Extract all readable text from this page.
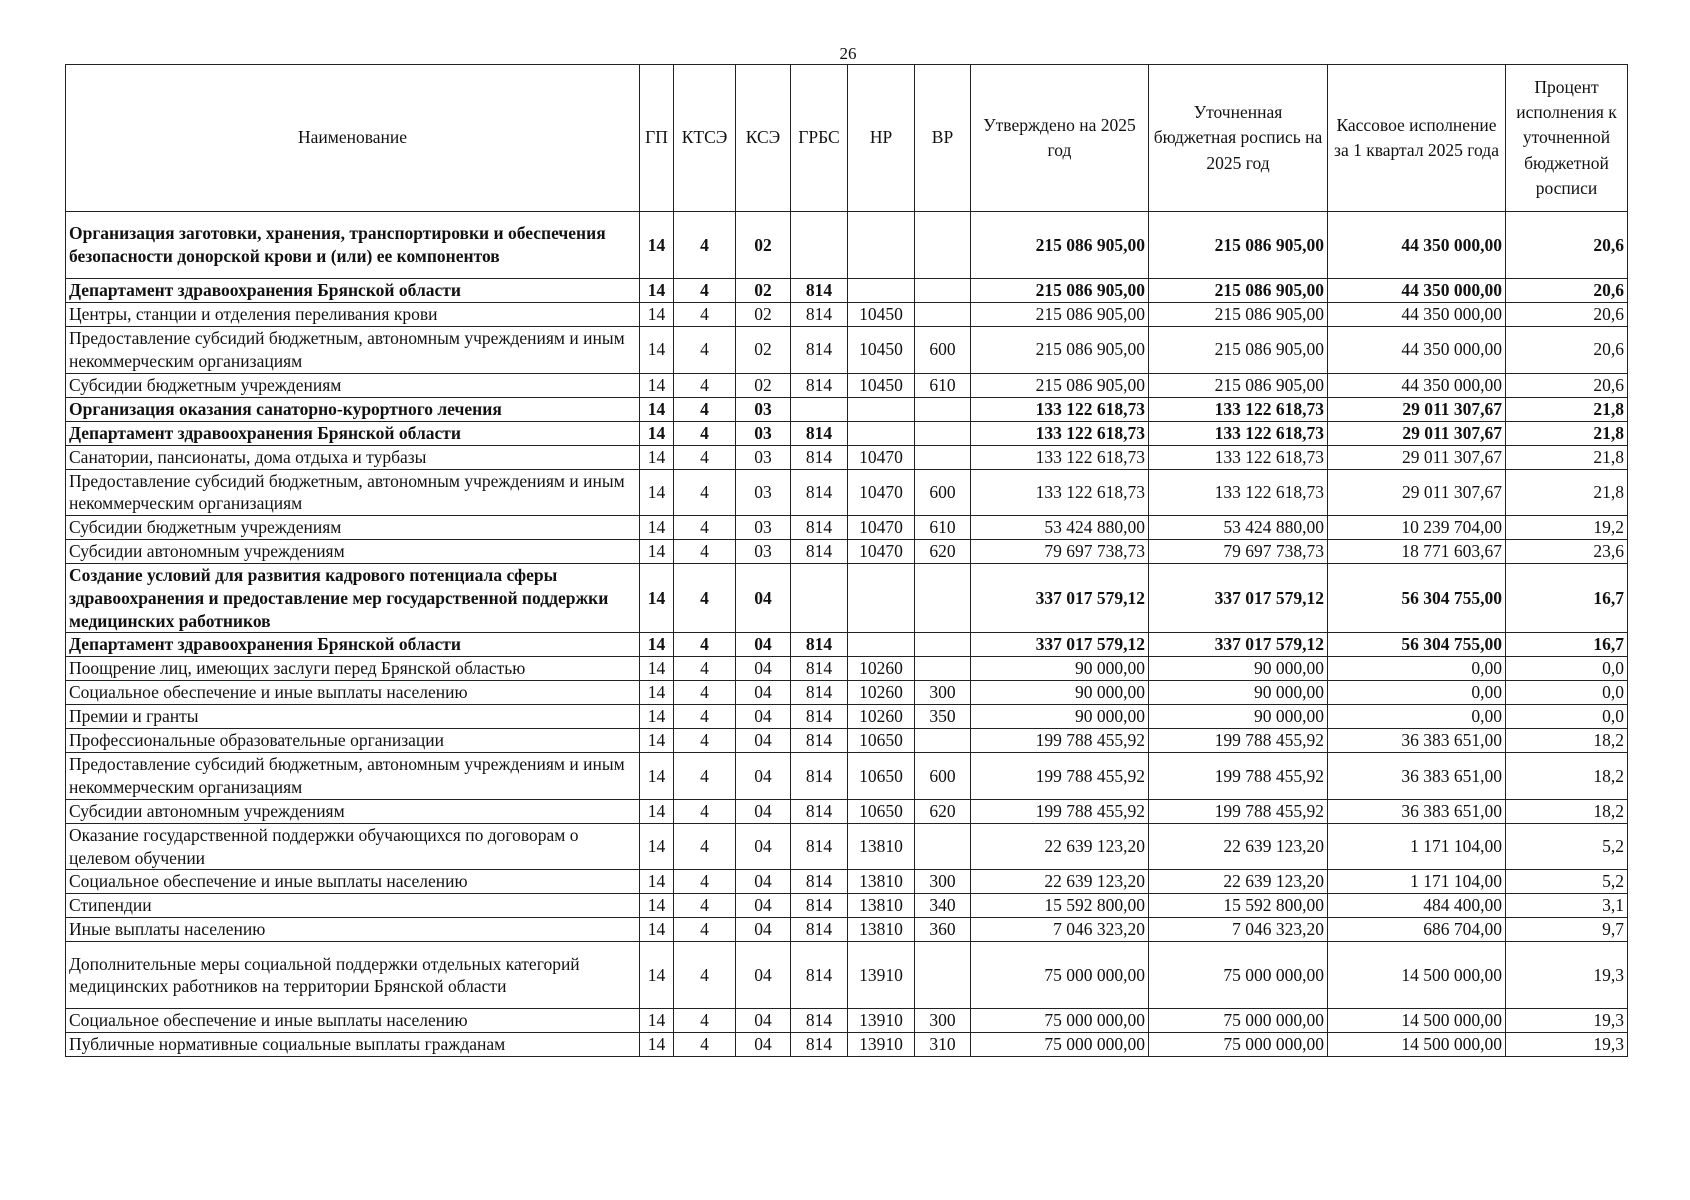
26
Наименование	ГП	КТСЭ	КСЭ	ГРБС	НР	ВР	Утверждено на 2025 год	Уточненная бюджетная роспись на 2025 год	Кассовое исполнение за 1 квартал 2025 года	Процент исполнения к уточненной бюджетной росписи
Организация заготовки, хранения, транспортировки и обеспечения безопасности донорской крови и (или) ее компонентов	14	4	02				215 086 905,00	215 086 905,00	44 350 000,00	20,6
Департамент здравоохранения Брянской области	14	4	02	814			215 086 905,00	215 086 905,00	44 350 000,00	20,6
Центры, станции и отделения переливания крови	14	4	02	814	10450		215 086 905,00	215 086 905,00	44 350 000,00	20,6
Предоставление субсидий бюджетным, автономным учреждениям и иным некоммерческим организациям	14	4	02	814	10450	600	215 086 905,00	215 086 905,00	44 350 000,00	20,6
Субсидии бюджетным учреждениям	14	4	02	814	10450	610	215 086 905,00	215 086 905,00	44 350 000,00	20,6
Организация оказания санаторно-курортного лечения	14	4	03				133 122 618,73	133 122 618,73	29 011 307,67	21,8
Департамент здравоохранения Брянской области	14	4	03	814			133 122 618,73	133 122 618,73	29 011 307,67	21,8
Санатории, пансионаты, дома отдыха и турбазы	14	4	03	814	10470		133 122 618,73	133 122 618,73	29 011 307,67	21,8
Предоставление субсидий бюджетным, автономным учреждениям и иным некоммерческим организациям	14	4	03	814	10470	600	133 122 618,73	133 122 618,73	29 011 307,67	21,8
Субсидии бюджетным учреждениям	14	4	03	814	10470	610	53 424 880,00	53 424 880,00	10 239 704,00	19,2
Субсидии автономным учреждениям	14	4	03	814	10470	620	79 697 738,73	79 697 738,73	18 771 603,67	23,6
Создание условий для развития кадрового потенциала сферы здравоохранения и предоставление мер государственной поддержки медицинских работников	14	4	04				337 017 579,12	337 017 579,12	56 304 755,00	16,7
Департамент здравоохранения Брянской области	14	4	04	814			337 017 579,12	337 017 579,12	56 304 755,00	16,7
Поощрение лиц, имеющих заслуги перед Брянской областью	14	4	04	814	10260		90 000,00	90 000,00	0,00	0,0
Социальное обеспечение и иные выплаты населению	14	4	04	814	10260	300	90 000,00	90 000,00	0,00	0,0
Премии и гранты	14	4	04	814	10260	350	90 000,00	90 000,00	0,00	0,0
Профессиональные образовательные организации	14	4	04	814	10650		199 788 455,92	199 788 455,92	36 383 651,00	18,2
Предоставление субсидий бюджетным, автономным учреждениям и иным некоммерческим организациям	14	4	04	814	10650	600	199 788 455,92	199 788 455,92	36 383 651,00	18,2
Субсидии автономным учреждениям	14	4	04	814	10650	620	199 788 455,92	199 788 455,92	36 383 651,00	18,2
Оказание государственной поддержки обучающихся по договорам о целевом обучении	14	4	04	814	13810		22 639 123,20	22 639 123,20	1 171 104,00	5,2
Социальное обеспечение и иные выплаты населению	14	4	04	814	13810	300	22 639 123,20	22 639 123,20	1 171 104,00	5,2
Стипендии	14	4	04	814	13810	340	15 592 800,00	15 592 800,00	484 400,00	3,1
Иные выплаты населению	14	4	04	814	13810	360	7 046 323,20	7 046 323,20	686 704,00	9,7
Дополнительные меры социальной поддержки отдельных категорий медицинских работников на территории Брянской области	14	4	04	814	13910		75 000 000,00	75 000 000,00	14 500 000,00	19,3
Социальное обеспечение и иные выплаты населению	14	4	04	814	13910	300	75 000 000,00	75 000 000,00	14 500 000,00	19,3
Публичные нормативные социальные выплаты гражданам	14	4	04	814	13910	310	75 000 000,00	75 000 000,00	14 500 000,00	19,3
